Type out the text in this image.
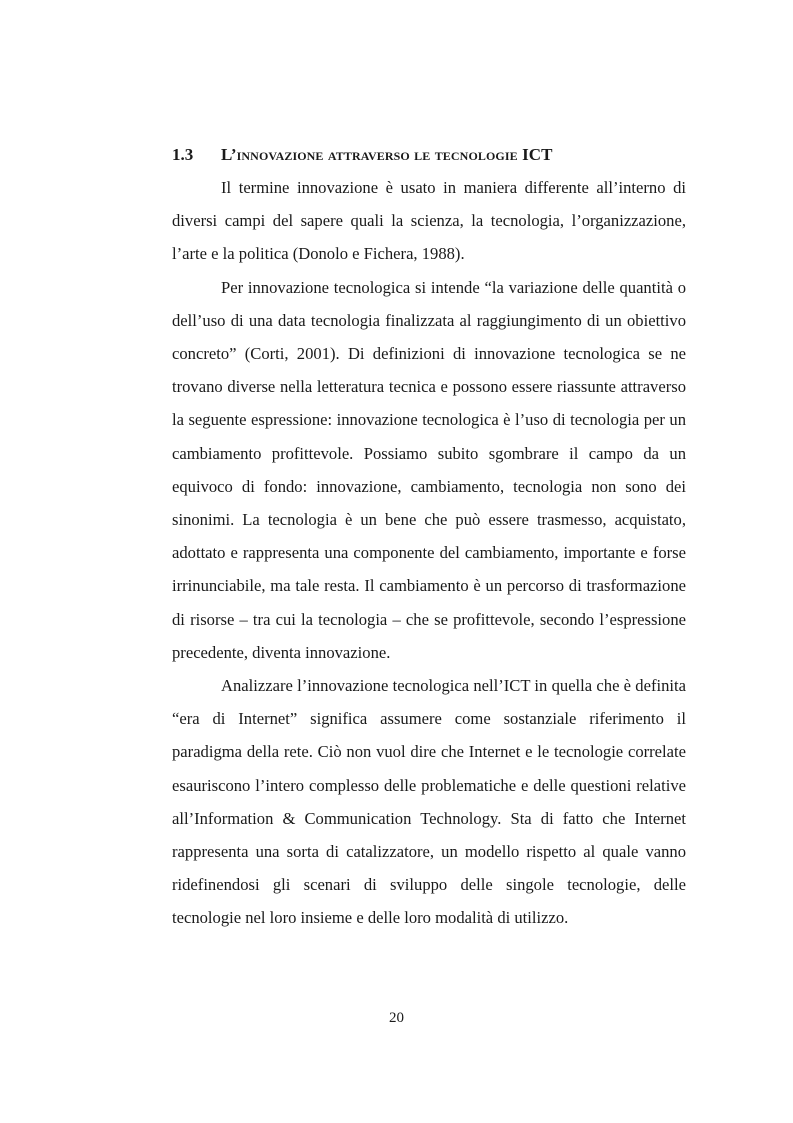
1.3 L’innovazione attraverso le tecnologie ICT

Il termine innovazione è usato in maniera differente all’interno di diversi campi del sapere quali la scienza, la tecnologia, l’organizzazione, l’arte e la politica (Donolo e Fichera, 1988).

Per innovazione tecnologica si intende “la variazione delle quantità o dell’uso di una data tecnologia finalizzata al raggiungimento di un obiettivo concreto” (Corti, 2001). Di definizioni di innovazione tecnologica se ne trovano diverse nella letteratura tecnica e possono essere riassunte attraverso la seguente espressione: innovazione tecnologica è l’uso di tecnologia per un cambiamento profittevole. Possiamo subito sgombrare il campo da un equivoco di fondo: innovazione, cambiamento, tecnologia non sono dei sinonimi. La tecnologia è un bene che può essere trasmesso, acquistato, adottato e rappresenta una componente del cambiamento, importante e forse irrinunciabile, ma tale resta. Il cambiamento è un percorso di trasformazione di risorse – tra cui la tecnologia – che se profittevole, secondo l’espressione precedente, diventa innovazione.

Analizzare l’innovazione tecnologica nell’ICT in quella che è definita “era di Internet” significa assumere come sostanziale riferimento il paradigma della rete. Ciò non vuol dire che Internet e le tecnologie correlate esauriscono l’intero complesso delle problematiche e delle questioni relative all’Information & Communication Technology. Sta di fatto che Internet rappresenta una sorta di catalizzatore, un modello rispetto al quale vanno ridefinendosi gli scenari di sviluppo delle singole tecnologie, delle tecnologie nel loro insieme e delle loro modalità di utilizzo.

20
